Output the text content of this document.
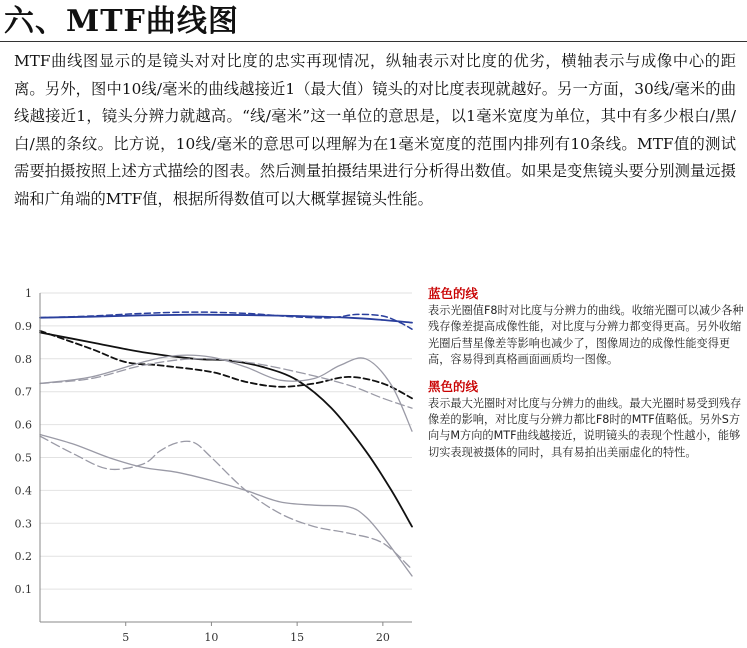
六、MTF曲线图

MTF曲线图显示的是镜头对对比度的忠实再现情况，纵轴表示对比度的优劣，横轴表示与成像中心的距离。另外，图中10线/毫米的曲线越接近1（最大值）镜头的对比度表现就越好。另一方面，30线/毫米的曲线越接近1，镜头分辨力就越高。“线/毫米”这一单位的意思是，以1毫米宽度为单位，其中有多少根白/黑/白/黑的条纹。比方说，10线/毫米的意思可以理解为在1毫米宽度的范围内排列有10条线。MTF值的测试需要拍摄按照上述方式描绘的图表。然后测量拍摄结果进行分析得出数值。如果是变焦镜头要分别测量远摄端和广角端的MTF值，根据所得数值可以大概掌握镜头性能。

0.1
0.2
0.3
0.4
0.5
0.6
0.7
0.8
0.9
1
5	10	15	20
蓝色的线
表示光圈值F8时对比度与分辨力的曲线。收缩光圈可以减少各种残存像差提高成像性能，对比度与分辨力都变得更高。另外收缩光圈后彗星像差等影响也减少了，图像周边的成像性能变得更高，容易得到真格画面画质均一图像。
黑色的线
表示最大光圈时对比度与分辨力的曲线。最大光圈时易受到残存像差的影响，对比度与分辨力都比F8时的MTF值略低。另外S方向与M方向的MTF曲线越接近，说明镜头的表现个性越小，能够切实表现被摄体的同时，具有易拍出美丽虚化的特性。
